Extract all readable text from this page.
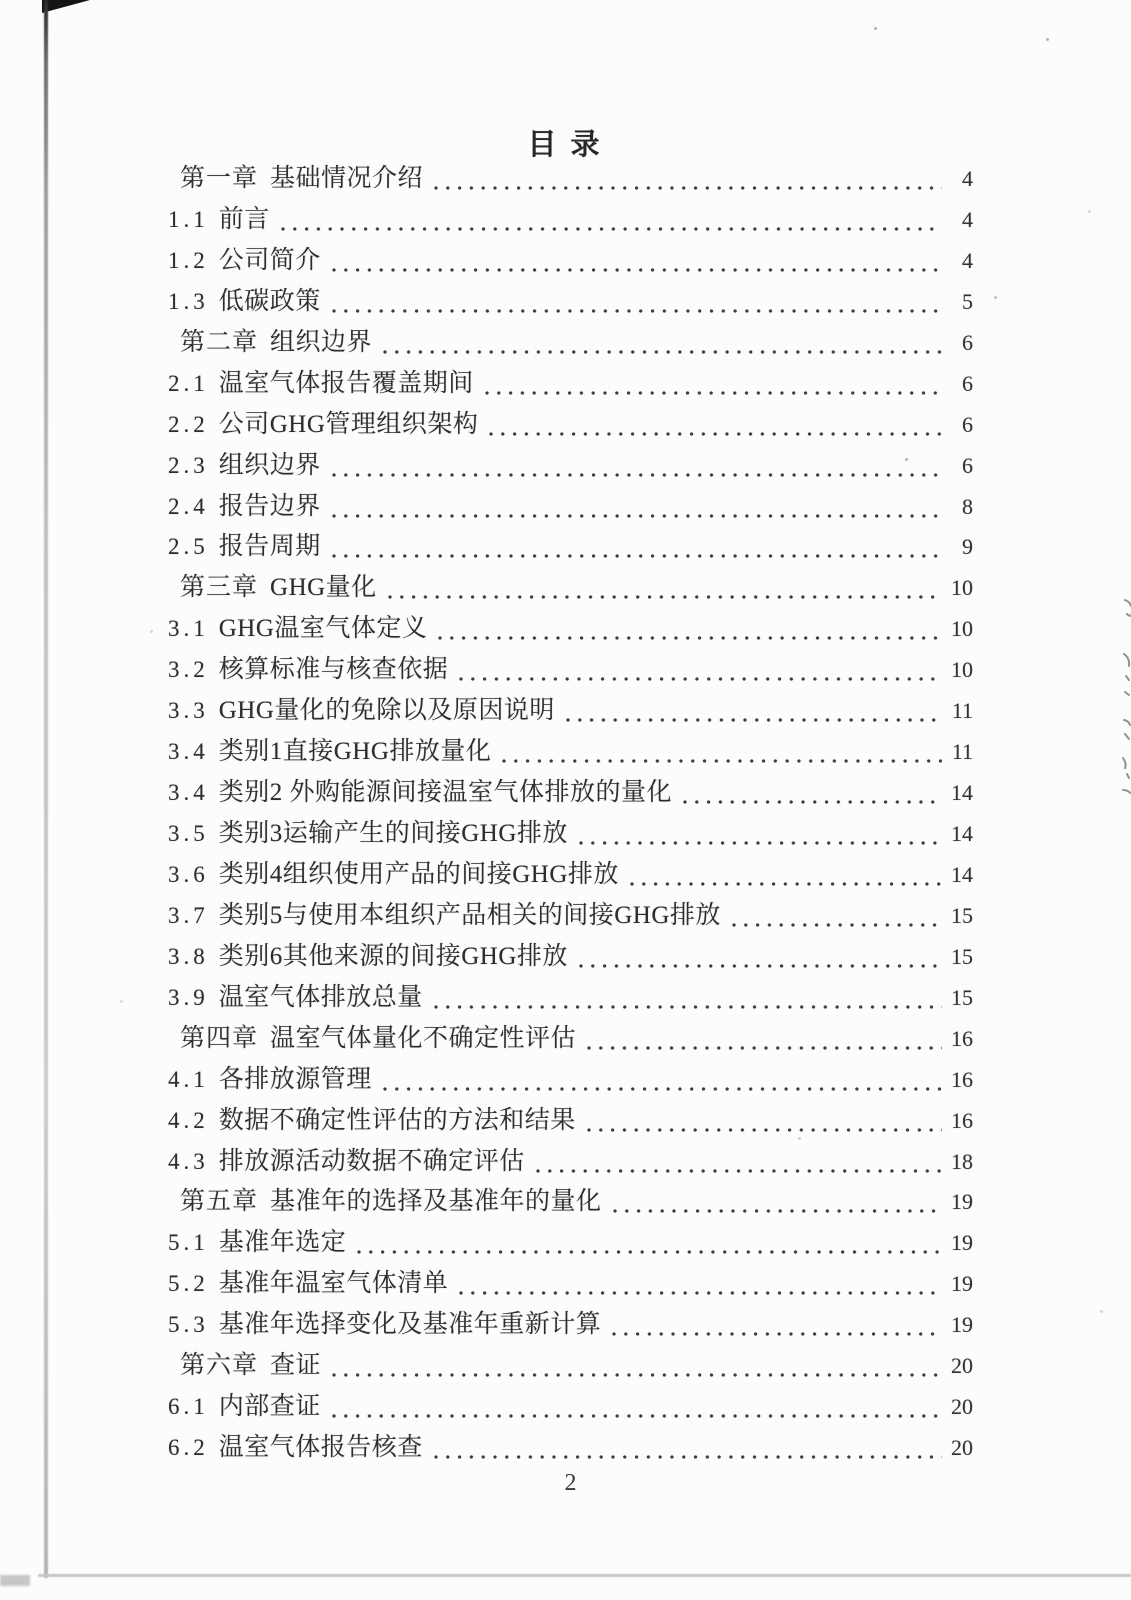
目录
第一章 基础情况介绍	4
1.1 前言	4
1.2 公司简介	4
1.3 低碳政策	5
第二章 组织边界	6
2.1 温室气体报告覆盖期间	6
2.2 公司GHG管理组织架构	6
2.3 组织边界	6
2.4 报告边界	8
2.5 报告周期	9
第三章 GHG量化	10
3.1 GHG温室气体定义	10
3.2 核算标准与核查依据	10
3.3 GHG量化的免除以及原因说明	11
3.4 类别1直接GHG排放量化	11
3.4 类别2 外购能源间接温室气体排放的量化	14
3.5 类别3运输产生的间接GHG排放	14
3.6 类别4组织使用产品的间接GHG排放	14
3.7 类别5与使用本组织产品相关的间接GHG排放	15
3.8 类别6其他来源的间接GHG排放	15
3.9 温室气体排放总量	15
第四章 温室气体量化不确定性评估	16
4.1 各排放源管理	16
4.2 数据不确定性评估的方法和结果	16
4.3 排放源活动数据不确定评估	18
第五章 基准年的选择及基准年的量化	19
5.1 基准年选定	19
5.2 基准年温室气体清单	19
5.3 基准年选择变化及基准年重新计算	19
第六章 查证	20
6.1 内部查证	20
6.2 温室气体报告核查	20
2
